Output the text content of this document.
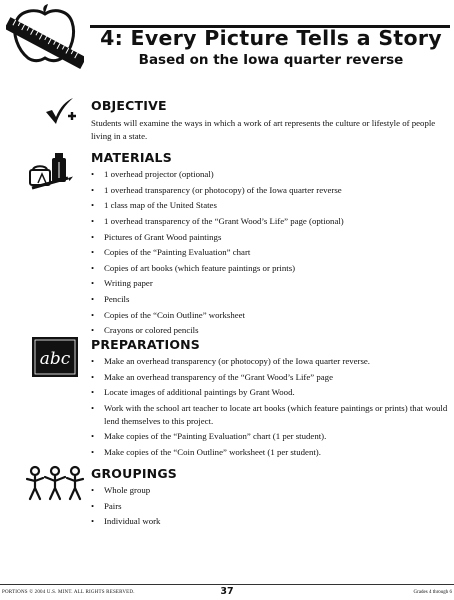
4: Every Picture Tells a Story
Based on the Iowa quarter reverse
OBJECTIVE
Students will examine the ways in which a work of art represents the culture or lifestyle of people living in a state.
MATERIALS
• 1 overhead projector (optional)
• 1 overhead transparency (or photocopy) of the Iowa quarter reverse
• 1 class map of the United States
• 1 overhead transparency of the “Grant Wood’s Life” page (optional)
• Pictures of Grant Wood paintings
• Copies of the “Painting Evaluation” chart
• Copies of art books (which feature paintings or prints)
• Writing paper
• Pencils
• Copies of the “Coin Outline” worksheet
• Crayons or colored pencils
abc
PREPARATIONS
• Make an overhead transparency (or photocopy) of the Iowa quarter reverse.
• Make an overhead transparency of the “Grant Wood’s Life” page
• Locate images of additional paintings by Grant Wood.
• Work with the school art teacher to locate art books (which feature paintings or prints) that would lend themselves to this project.
• Make copies of the “Painting Evaluation” chart (1 per student).
• Make copies of the “Coin Outline” worksheet (1 per student).
GROUPINGS
• Whole group
• Pairs
• Individual work
PORTIONS © 2004 U.S. MINT. ALL RIGHTS RESERVED.	37	Grades 4 through 6
